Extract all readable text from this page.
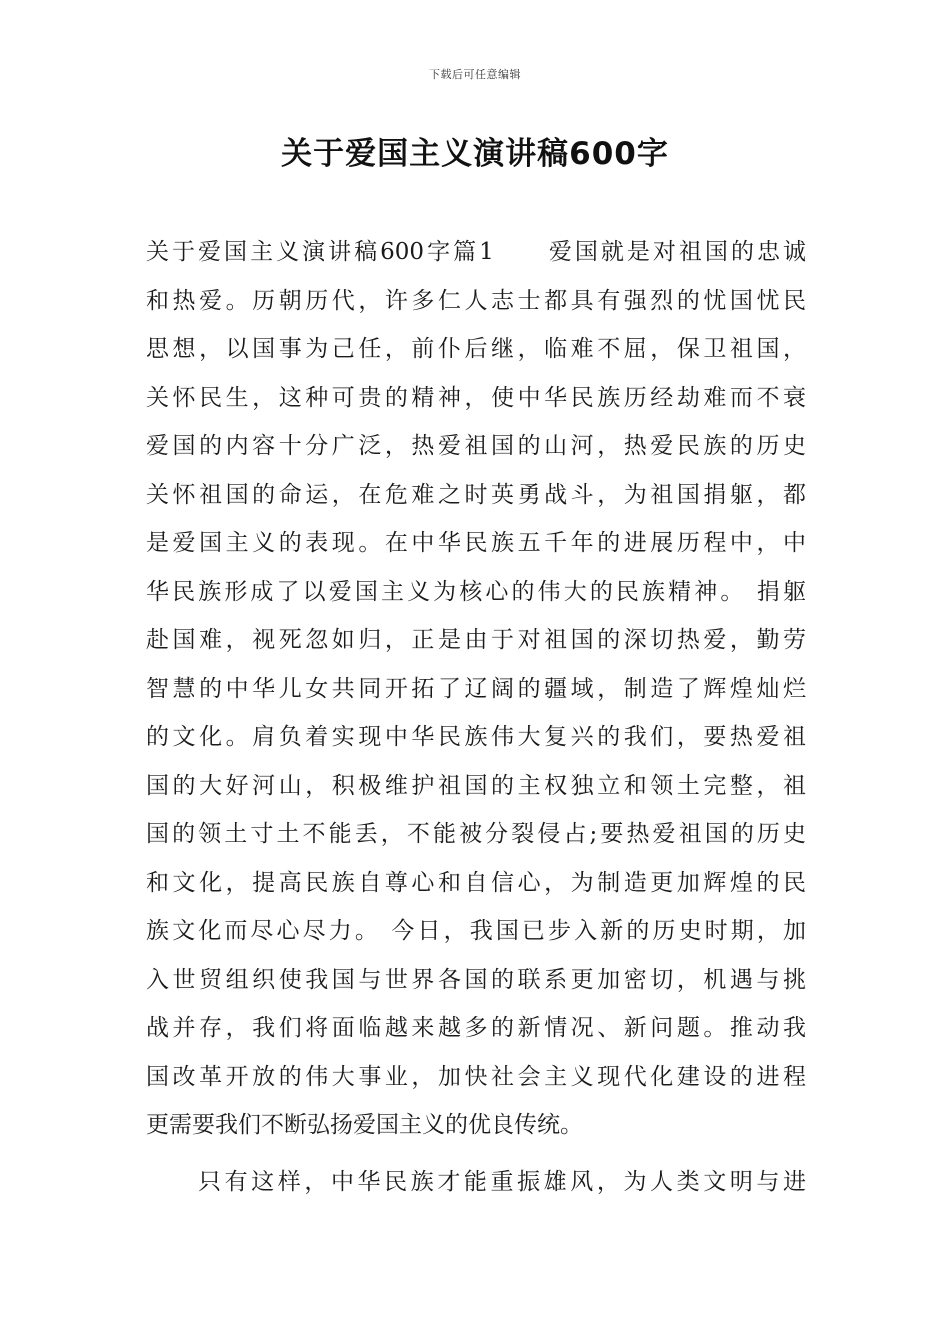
下载后可任意编辑
关于爱国主义演讲稿600字
关于爱国主义演讲稿600字篇1　　爱国就是对祖国的忠诚
和热爱。历朝历代，许多仁人志士都具有强烈的忧国忧民
思想，以国事为己任，前仆后继，临难不屈，保卫祖国，
关怀民生，这种可贵的精神，使中华民族历经劫难而不衰
爱国的内容十分广泛，热爱祖国的山河，热爱民族的历史
关怀祖国的命运，在危难之时英勇战斗，为祖国捐躯，都
是爱国主义的表现。在中华民族五千年的进展历程中，中
华民族形成了以爱国主义为核心的伟大的民族精神。 捐躯
赴国难，视死忽如归，正是由于对祖国的深切热爱，勤劳
智慧的中华儿女共同开拓了辽阔的疆域，制造了辉煌灿烂
的文化。肩负着实现中华民族伟大复兴的我们，要热爱祖
国的大好河山，积极维护祖国的主权独立和领土完整，祖
国的领土寸土不能丢，不能被分裂侵占;要热爱祖国的历史
和文化，提高民族自尊心和自信心，为制造更加辉煌的民
族文化而尽心尽力。 今日，我国已步入新的历史时期，加
入世贸组织使我国与世界各国的联系更加密切，机遇与挑
战并存，我们将面临越来越多的新情况、新问题。推动我
国改革开放的伟大事业，加快社会主义现代化建设的进程
更需要我们不断弘扬爱国主义的优良传统。
只有这样，中华民族才能重振雄风，为人类文明与进
